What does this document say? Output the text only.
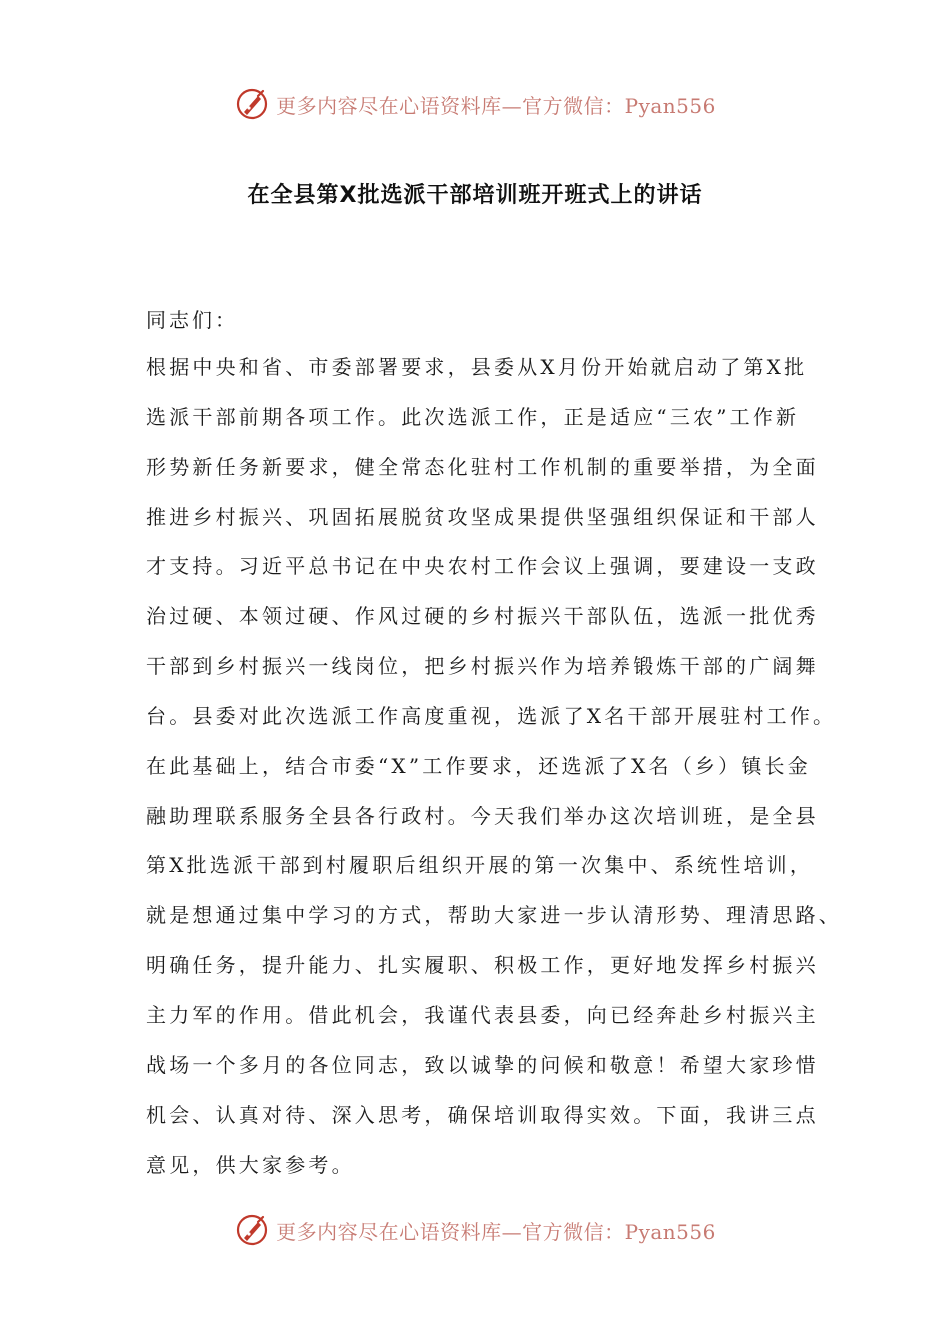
更多内容尽在心语资料库—官方微信：Pyan556
在全县第X批选派干部培训班开班式上的讲话
同志们：
根据中央和省、市委部署要求，县委从X月份开始就启动了第X批
选派干部前期各项工作。此次选派工作，正是适应“三农”工作新
形势新任务新要求，健全常态化驻村工作机制的重要举措，为全面
推进乡村振兴、巩固拓展脱贫攻坚成果提供坚强组织保证和干部人
才支持。习近平总书记在中央农村工作会议上强调，要建设一支政
治过硬、本领过硬、作风过硬的乡村振兴干部队伍，选派一批优秀
干部到乡村振兴一线岗位，把乡村振兴作为培养锻炼干部的广阔舞
台。县委对此次选派工作高度重视，选派了X名干部开展驻村工作。
在此基础上，结合市委“X”工作要求，还选派了X名（乡）镇长金
融助理联系服务全县各行政村。今天我们举办这次培训班，是全县
第X批选派干部到村履职后组织开展的第一次集中、系统性培训，
就是想通过集中学习的方式，帮助大家进一步认清形势、理清思路、
明确任务，提升能力、扎实履职、积极工作，更好地发挥乡村振兴
主力军的作用。借此机会，我谨代表县委，向已经奔赴乡村振兴主
战场一个多月的各位同志，致以诚挚的问候和敬意！希望大家珍惜
机会、认真对待、深入思考，确保培训取得实效。下面，我讲三点
意见，供大家参考。
更多内容尽在心语资料库—官方微信：Pyan556
